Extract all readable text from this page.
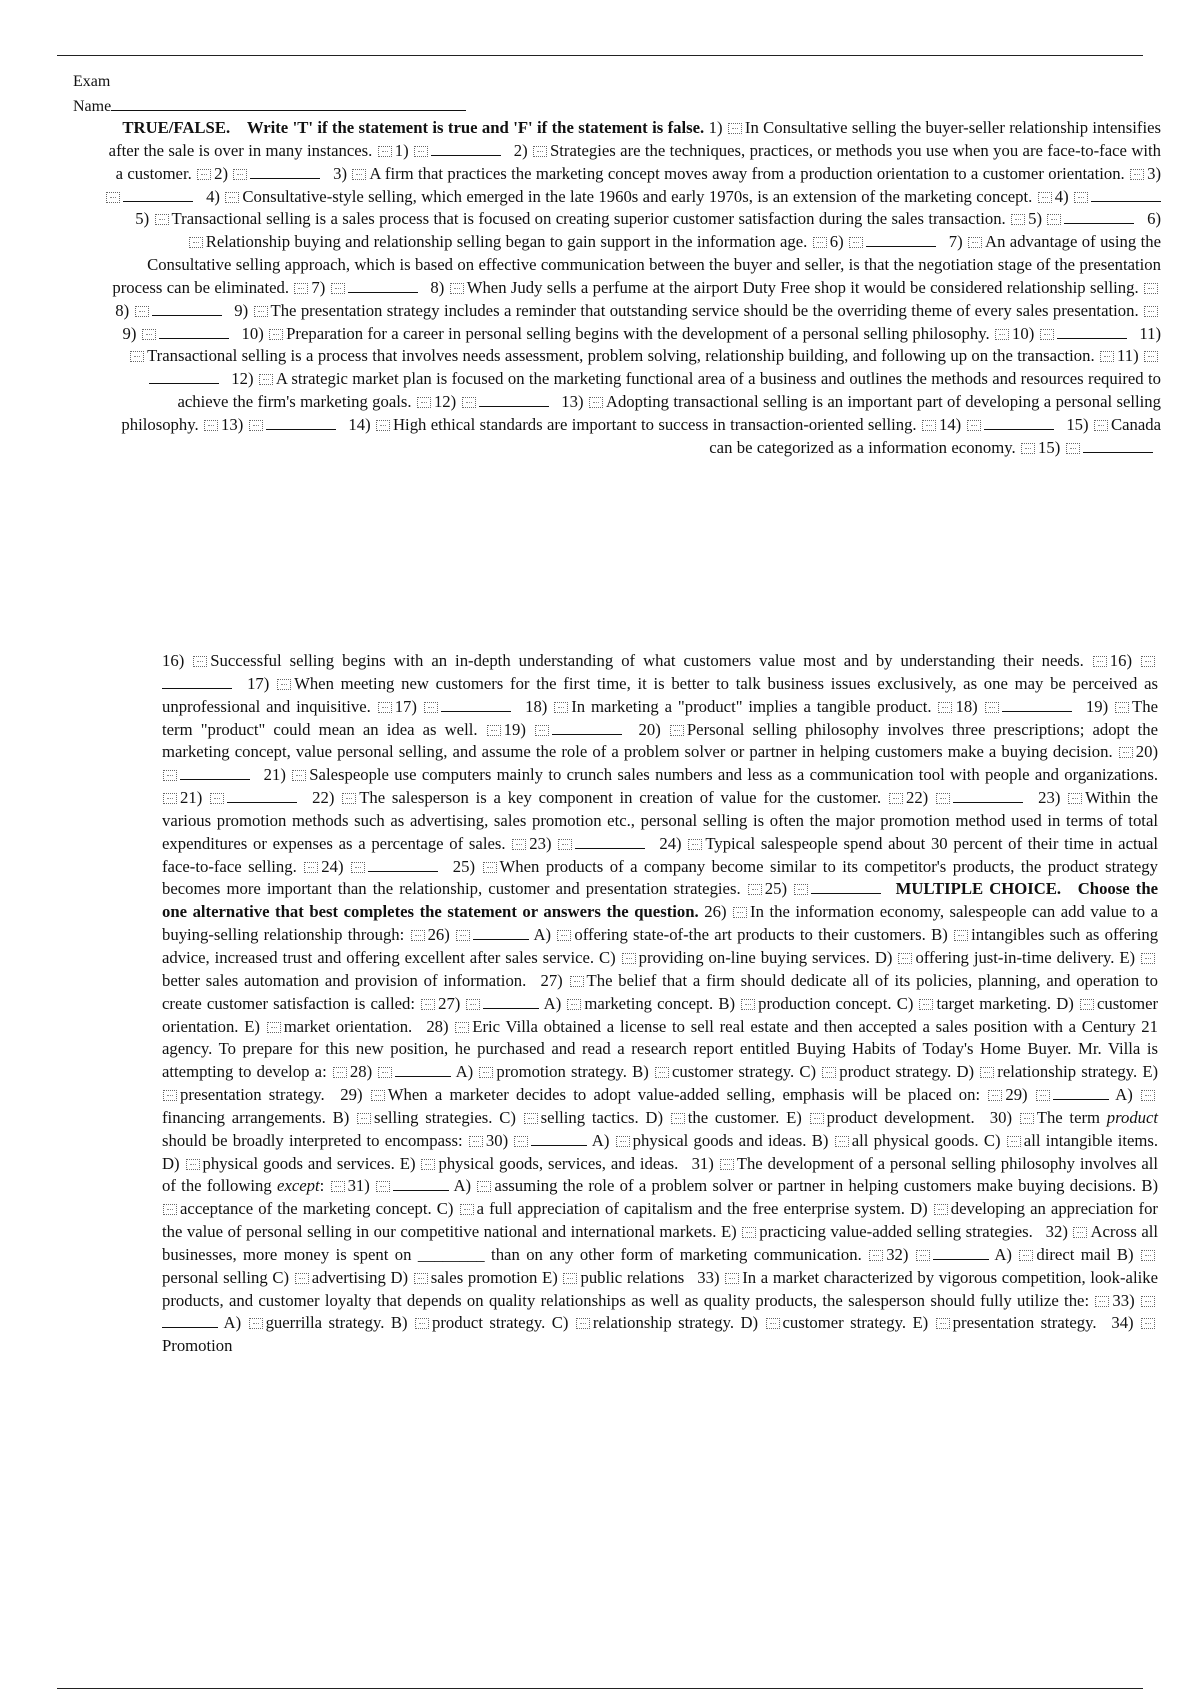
Exam
Name
TRUE/FALSE.  Write 'T' if the statement is true and 'F' if the statement is false. 1) In Consultative selling the buyer-seller relationship intensifies after the sale is over in many instances. 1)  	2) Strategies are the techniques, practices, or methods you use when you are face-to-face with a customer. 2)  	3) A firm that practices the marketing concept moves away from a production orientation to a customer orientation. 3)   4) Consultative-style selling, which emerged in the late 1960s and early 1970s, is an extension of the marketing concept. 4)   5) Transactional selling is a sales process that is focused on creating superior customer satisfaction during the sales transaction. 5)  	6) Relationship buying and relationship selling began to gain support in the information age. 6)  	7) An advantage of using the Consultative selling approach, which is based on effective communication between the buyer and seller, is that the negotiation stage of the presentation process can be eliminated. 7)  	8) When Judy sells a perfume at the airport Duty Free shop it would be considered relationship selling. 8)  	9) The presentation strategy includes a reminder that outstanding service should be the overriding theme of every sales presentation. 9)  	10) Preparation for a career in personal selling begins with the development of a personal selling philosophy. 10)  	11) Transactional selling is a process that involves needs assessment, problem solving, relationship building, and following up on the transaction. 11)   12) A strategic market plan is focused on the marketing functional area of a business and outlines the methods and resources required to achieve the firm's marketing goals. 12)  	13) Adopting transactional selling is an important part of developing a personal selling philosophy. 13)  	14) High ethical standards are important to success in transaction-oriented selling. 14)  	15) Canada can be categorized as a information economy. 15)  
16) Successful selling begins with an in-depth understanding of what customers value most and by understanding their needs. 16)   17) When meeting new customers for the first time, it is better to talk business issues exclusively, as one may be perceived as unprofessional and inquisitive. 17)  	18) In marketing a "product" implies a tangible product. 18)  	19) The term "product" could mean an idea as well. 19)  	20) Personal selling philosophy involves three prescriptions; adopt the marketing concept, value personal selling, and assume the role of a problem solver or partner in helping customers make a buying decision. 20)   21) Salespeople use computers mainly to crunch sales numbers and less as a communication tool with people and organizations. 21)  	22) The salesperson is a key component in creation of value for the customer. 22)  	23) Within the various promotion methods such as advertising, sales promotion etc., personal selling is often the major promotion method used in terms of total expenditures or expenses as a percentage of sales. 23)  	24) Typical salespeople spend about 30 percent of their time in actual face-to-face selling. 24)  	25) When products of a company become similar to its competitor's products, the product strategy becomes more important than the relationship, customer and presentation strategies. 25)  	MULTIPLE CHOICE.  Choose the one alternative that best completes the statement or answers the question. 26) In the information economy, salespeople can add value to a buying-selling relationship through: 26)	A) offering state-of-the art products to their customers. B) intangibles such as offering advice, increased trust and offering excellent after sales service. C) providing on-line buying services. D) offering just-in-time delivery. E) better sales automation and provision of information.  27) The belief that a firm should dedicate all of its policies, planning, and operation to create customer satisfaction is called: 27)	A) marketing concept. B) production concept. C) target marketing. D) customer orientation. E) market orientation.  28) Eric Villa obtained a license to sell real estate and then accepted a sales position with a Century 21 agency. To prepare for this new position, he purchased and read a research report entitled Buying Habits of Today's Home Buyer. Mr. Villa is attempting to develop a: 28)	A) promotion strategy. B) customer strategy. C) product strategy. D) relationship strategy. E) presentation strategy.  29) When a marketer decides to adopt value-added selling, emphasis will be placed on: 29)	A) financing arrangements. B) selling strategies. C) selling tactics. D) the customer. E) product development.  30) The term product should be broadly interpreted to encompass: 30)	A) physical goods and ideas. B) all physical goods. C) all intangible items. D) physical goods and services. E) physical goods, services, and ideas.  31) The development of a personal selling philosophy involves all of the following except: 31)	A) assuming the role of a problem solver or partner in helping customers make buying decisions. B) acceptance of the marketing concept. C) a full appreciation of capitalism and the free enterprise system. D) developing an appreciation for the value of personal selling in our competitive national and international markets. E) practicing value-added selling strategies.  32) Across all businesses, more money is spent on ________ than on any other form of marketing communication. 32)	A) direct mail B) personal selling C) advertising D) sales promotion E) public relations  33) In a market characterized by vigorous competition, look-alike products, and customer loyalty that depends on quality relationships as well as quality products, the salesperson should fully utilize the: 33)  A) guerrilla strategy. B) product strategy. C) relationship strategy. D) customer strategy. E) presentation strategy.  34) Promotion 
